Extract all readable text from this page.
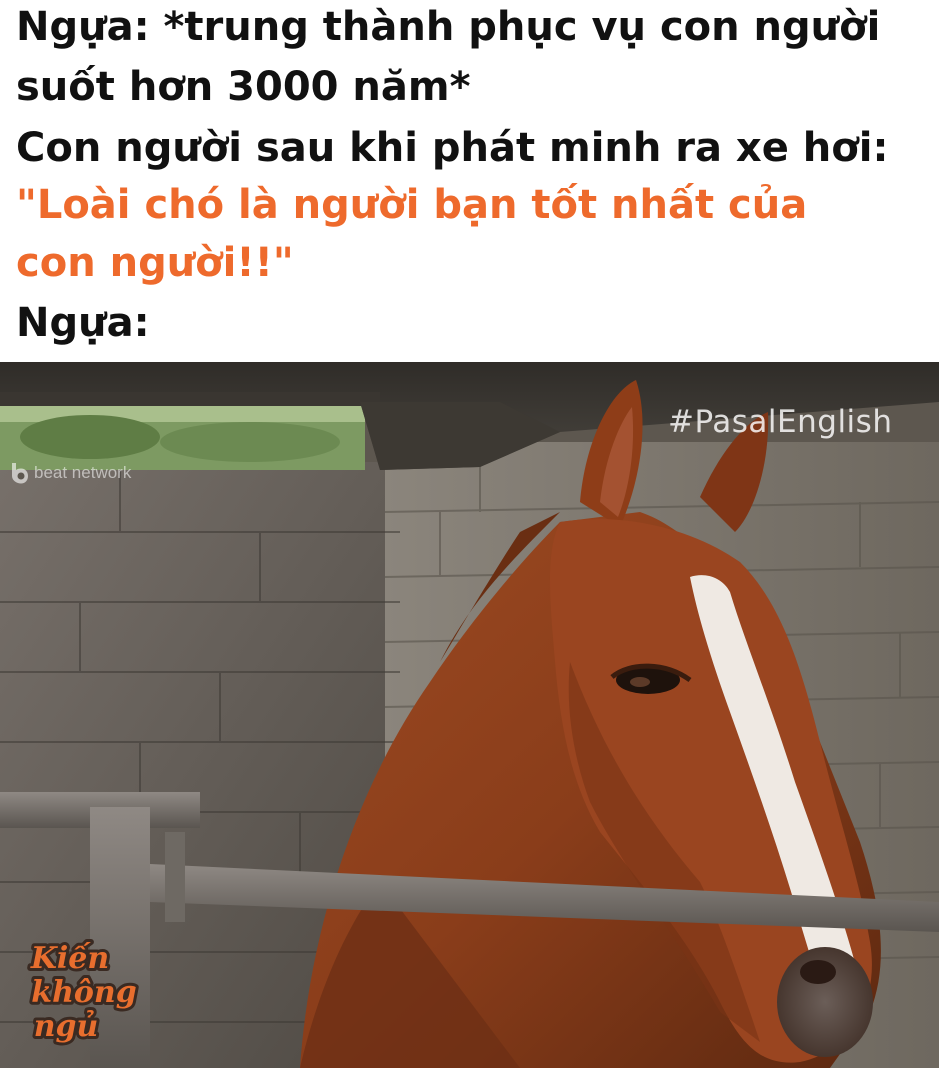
Ngựa: *trung thành phục vụ con người

suốt hơn 3000 năm*

Con người sau khi phát minh ra xe hơi:

"Loài chó là người bạn tốt nhất của

con người!!"

Ngựa:

#PasalEnglish
beat network
Kiến
không
ngủ
